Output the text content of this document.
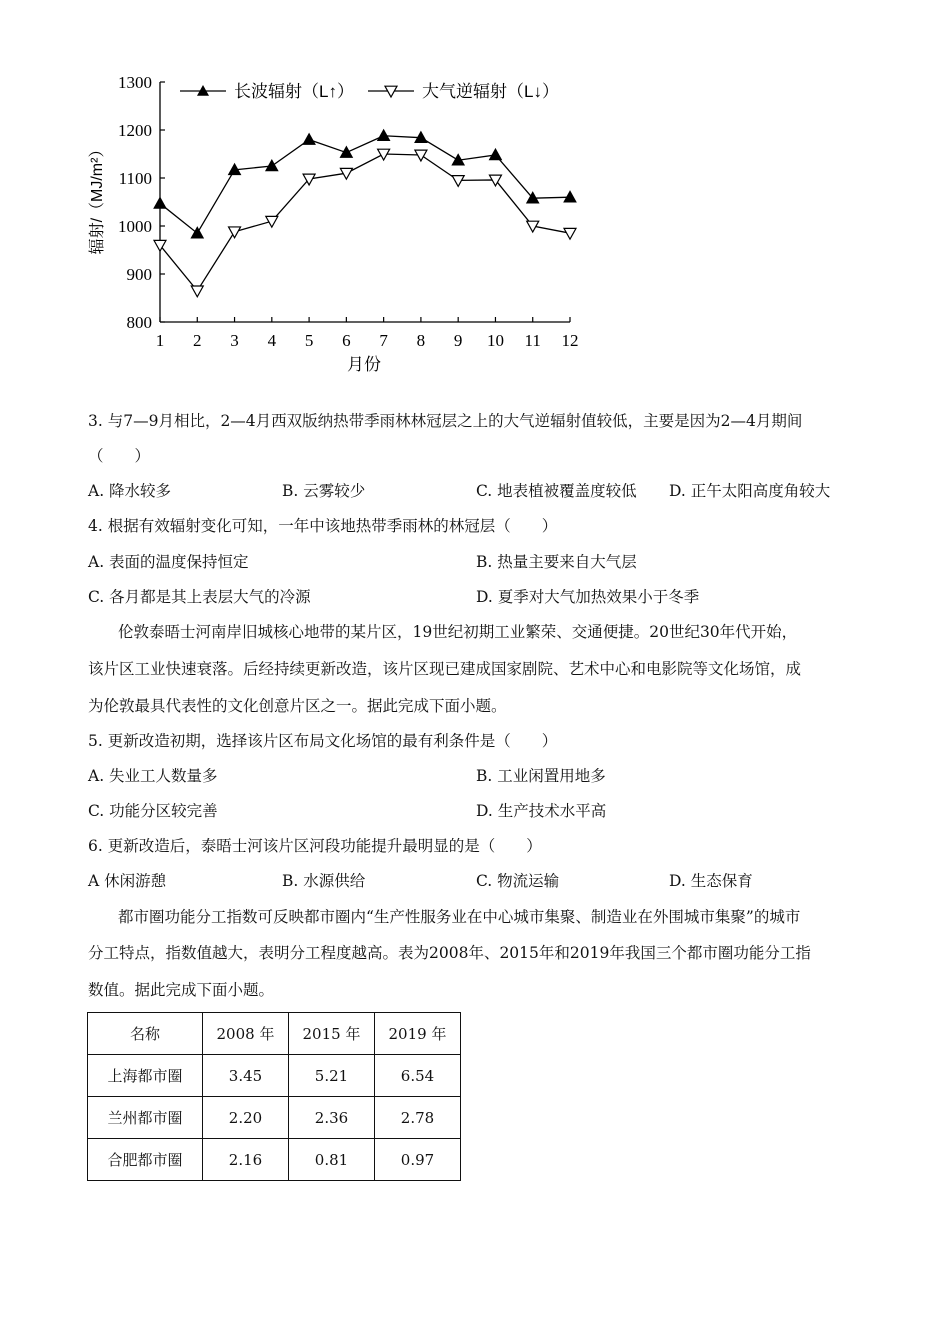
800
900
1000
1100
1200
1300
1 2 3 4 5 6 7 8 9 10 11 12
长波辐射（L↑）	大气逆辐射（L↓）
月份
辐射/（MJ/m²）
3. 与7—9月相比，2—4月西双版纳热带季雨林林冠层之上的大气逆辐射值较低，主要是因为2—4月期间
（　　）
A. 降水较多	B. 云雾较少	C. 地表植被覆盖度较低 D. 正午太阳高度角较大
4. 根据有效辐射变化可知，一年中该地热带季雨林的林冠层（　　）
A. 表面的温度保持恒定	B. 热量主要来自大气层
C. 各月都是其上表层大气的冷源	D. 夏季对大气加热效果小于冬季
伦敦泰晤士河南岸旧城核心地带的某片区，19世纪初期工业繁荣、交通便捷。20世纪30年代开始，
该片区工业快速衰落。后经持续更新改造，该片区现已建成国家剧院、艺术中心和电影院等文化场馆，成
为伦敦最具代表性的文化创意片区之一。据此完成下面小题。
5. 更新改造初期，选择该片区布局文化场馆的最有利条件是（　　）
A. 失业工人数量多	B. 工业闲置用地多
C. 功能分区较完善	D. 生产技术水平高
6. 更新改造后，泰晤士河该片区河段功能提升最明显的是（　　）
A 休闲游憩	B. 水源供给	C. 物流运输	D. 生态保育
都市圈功能分工指数可反映都市圈内“生产性服务业在中心城市集聚、制造业在外围城市集聚”的城市
分工特点，指数值越大，表明分工程度越高。表为2008年、2015年和2019年我国三个都市圈功能分工指
数值。据此完成下面小题。
名称	2008 年	2015 年	2019 年
上海都市圈	3.45	5.21	6.54
兰州都市圈	2.20	2.36	2.78
合肥都市圈	2.16	0.81	0.97
